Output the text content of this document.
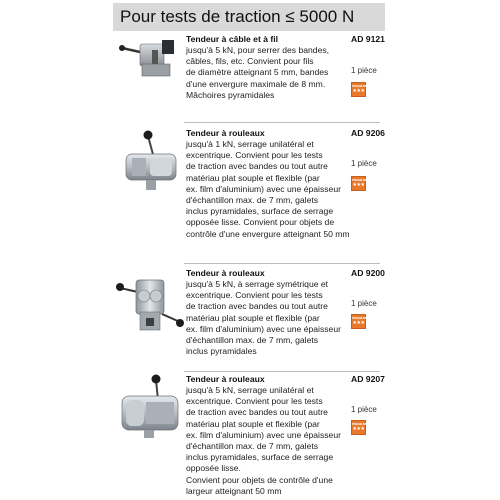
Pour tests de traction ≤ 5000 N
Tendeur à câble et à fil
jusqu'à 5 kN, pour serrer des bandes,
câbles, fils, etc. Convient pour fils
de diamètre atteignant 5 mm, bandes
d'une envergure maximale de 8 mm.
Mâchoires pyramidales
AD 9121
1 pièce
PREMIUM
★★★
Tendeur à rouleaux
jusqu'à 1 kN, serrage unilatéral et
excentrique. Convient pour les tests
de traction avec bandes ou tout autre
matériau plat souple et flexible (par
ex. film d'aluminium) avec une épaisseur
d'échantillon max. de 7 mm, galets
inclus pyramidales, surface de serrage
opposée lisse. Convient pour objets de
contrôle d'une envergure atteignant 50 mm
AD 9206
1 pièce
PREMIUM
★★★
Tendeur à rouleaux
jusqu'à 5 kN, à serrage symétrique et
excentrique. Convient pour les tests
de traction avec bandes ou tout autre
matériau plat souple et flexible (par
ex. film d'aluminium) avec une épaisseur
d'échantillon max. de 7 mm, galets
inclus pyramidales
AD 9200
1 pièce
PREMIUM
★★★
Tendeur à rouleaux
jusqu'à 5 kN, serrage unilatéral et
excentrique. Convient pour les tests
de traction avec bandes ou tout autre
matériau plat souple et flexible (par
ex. film d'aluminium) avec une épaisseur
d'échantillon max. de 7 mm, galets
inclus pyramidales, surface de serrage
opposée lisse.
Convient pour objets de contrôle d'une
largeur atteignant 50 mm
AD 9207
1 pièce
PREMIUM
★★★
